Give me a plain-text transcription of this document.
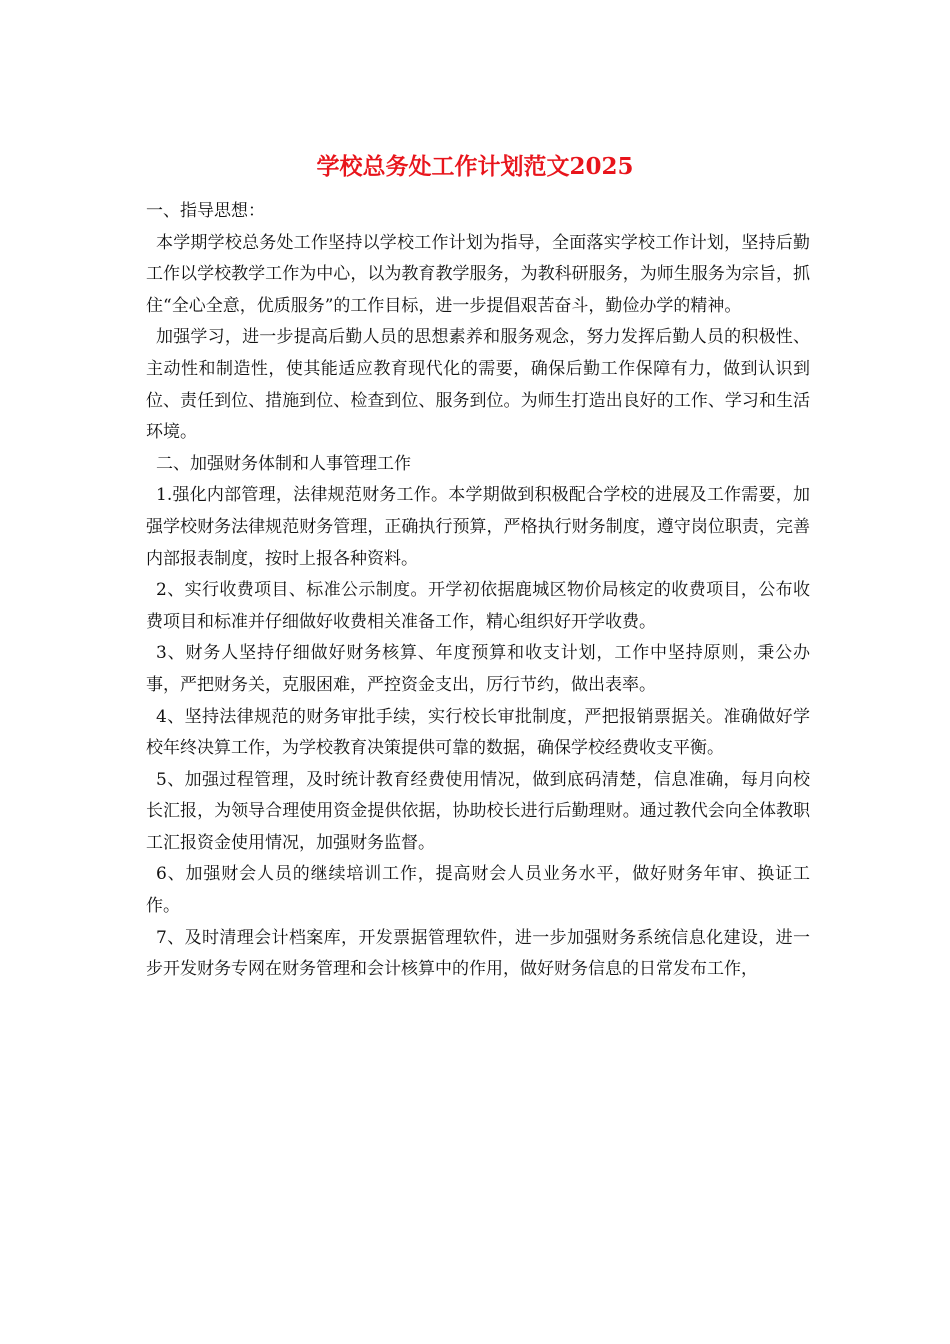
学校总务处工作计划范文2025

一、指导思想：

本学期学校总务处工作坚持以学校工作计划为指导，全面落实学校工作计划，坚持后勤工作以学校教学工作为中心，以为教育教学服务，为教科研服务，为师生服务为宗旨，抓住“全心全意，优质服务”的工作目标，进一步提倡艰苦奋斗，勤俭办学的精神。

加强学习，进一步提高后勤人员的思想素养和服务观念，努力发挥后勤人员的积极性、主动性和制造性，使其能适应教育现代化的需要，确保后勤工作保障有力，做到认识到位、责任到位、措施到位、检查到位、服务到位。为师生打造出良好的工作、学习和生活环境。

二、加强财务体制和人事管理工作

1.强化内部管理，法律规范财务工作。本学期做到积极配合学校的进展及工作需要，加强学校财务法律规范财务管理，正确执行预算，严格执行财务制度，遵守岗位职责，完善内部报表制度，按时上报各种资料。

2、实行收费项目、标准公示制度。开学初依据鹿城区物价局核定的收费项目，公布收费项目和标准并仔细做好收费相关准备工作，精心组织好开学收费。

3、财务人坚持仔细做好财务核算、年度预算和收支计划，工作中坚持原则，秉公办事，严把财务关，克服困难，严控资金支出，厉行节约，做出表率。

4、坚持法律规范的财务审批手续，实行校长审批制度，严把报销票据关。准确做好学校年终决算工作，为学校教育决策提供可靠的数据，确保学校经费收支平衡。

5、加强过程管理，及时统计教育经费使用情况，做到底码清楚，信息准确，每月向校长汇报，为领导合理使用资金提供依据，协助校长进行后勤理财。通过教代会向全体教职工汇报资金使用情况，加强财务监督。

6、加强财会人员的继续培训工作，提高财会人员业务水平，做好财务年审、换证工作。

7、及时清理会计档案库，开发票据管理软件，进一步加强财务系统信息化建设，进一步开发财务专网在财务管理和会计核算中的作用，做好财务信息的日常发布工作，
